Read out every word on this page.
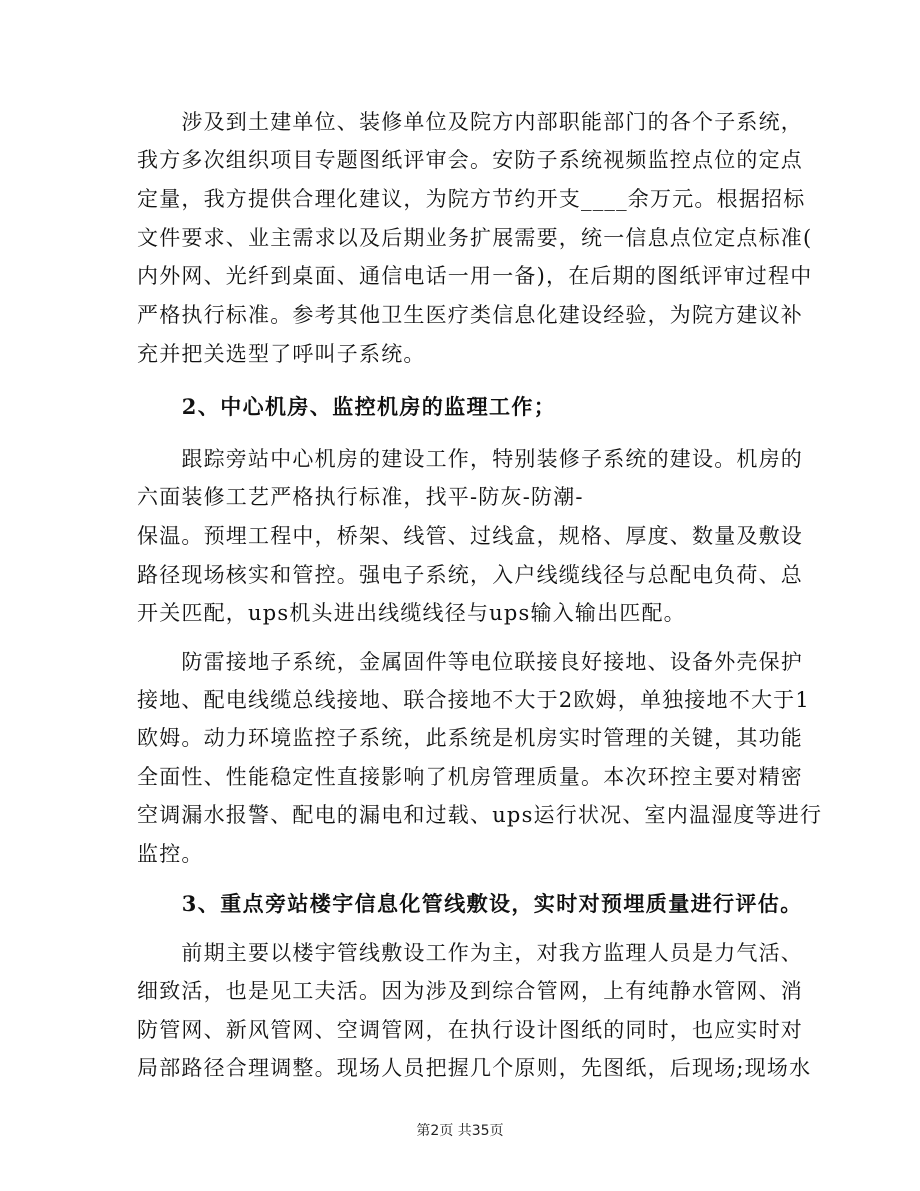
　　涉及到土建单位、装修单位及院方内部职能部门的各个子系统，
我方多次组织项目专题图纸评审会。安防子系统视频监控点位的定点
定量，我方提供合理化建议，为院方节约开支____余万元。根据招标
文件要求、业主需求以及后期业务扩展需要，统一信息点位定点标准(
内外网、光纤到桌面、通信电话一用一备)，在后期的图纸评审过程中
严格执行标准。参考其他卫生医疗类信息化建设经验，为院方建议补
充并把关选型了呼叫子系统。
　　2、中心机房、监控机房的监理工作；
　　跟踪旁站中心机房的建设工作，特别装修子系统的建设。机房的
六面装修工艺严格执行标准，找平-防灰-防潮-
保温。预埋工程中，桥架、线管、过线盒，规格、厚度、数量及敷设
路径现场核实和管控。强电子系统，入户线缆线径与总配电负荷、总
开关匹配，ups机头进出线缆线径与ups输入输出匹配。
　　防雷接地子系统，金属固件等电位联接良好接地、设备外壳保护
接地、配电线缆总线接地、联合接地不大于2欧姆，单独接地不大于1
欧姆。动力环境监控子系统，此系统是机房实时管理的关键，其功能
全面性、性能稳定性直接影响了机房管理质量。本次环控主要对精密
空调漏水报警、配电的漏电和过载、ups运行状况、室内温湿度等进行
监控。
　　3、重点旁站楼宇信息化管线敷设，实时对预埋质量进行评估。
　　前期主要以楼宇管线敷设工作为主，对我方监理人员是力气活、
细致活，也是见工夫活。因为涉及到综合管网，上有纯静水管网、消
防管网、新风管网、空调管网，在执行设计图纸的同时，也应实时对
局部路径合理调整。现场人员把握几个原则，先图纸，后现场;现场水
第2页 共35页
